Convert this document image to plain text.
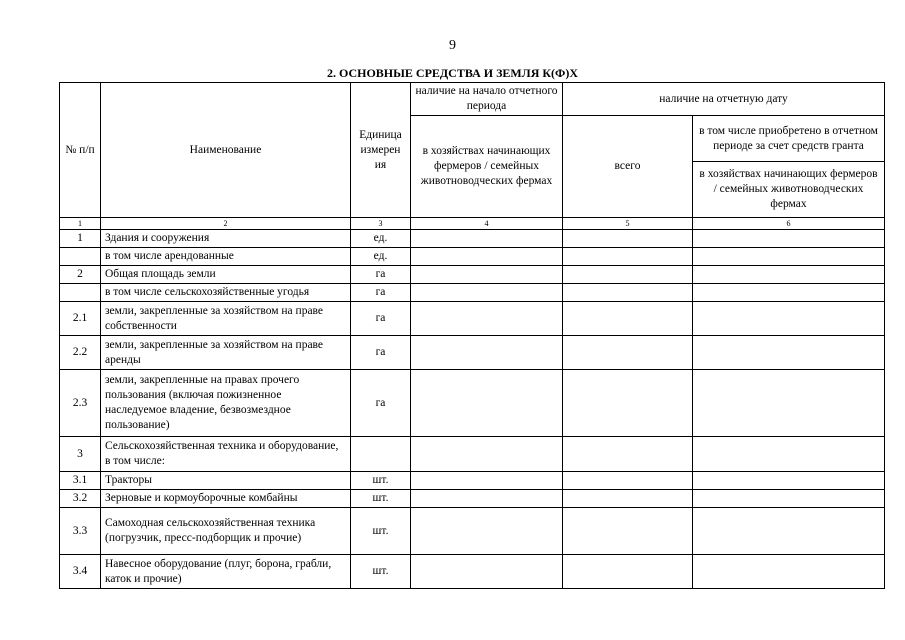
9
2. ОСНОВНЫЕ СРЕДСТВА И ЗЕМЛЯ К(Ф)Х
№ п/п	Наименование	Единица измерен ия	наличие на начало отчетного периода	наличие на отчетную дату	
			в хозяйствах начинающих фермеров / семейных животноводческих фермах	всего	в том числе приобретено в отчетном периоде за счет средств гранта
					в хозяйствах начинающих фермеров / семейных животноводческих фермах
1	2	3	4	5	6
1	Здания и сооружения	ед.			
	в том числе арендованные	ед.			
2	Общая площадь земли	га			
	в том числе сельскохозяйственные угодья	га			
2.1	земли, закрепленные за хозяйством на праве собственности	га			
2.2	земли, закрепленные за хозяйством на праве аренды	га			
2.3	земли, закрепленные на правах прочего пользования (включая пожизненное наследуемое владение, безвозмездное пользование)	га			
3	Сельскохозяйственная техника и оборудование, в том числе:				
3.1	Тракторы	шт.			
3.2	Зерновые и кормоуборочные комбайны	шт.			
3.3	Самоходная сельскохозяйственная техника (погрузчик, пресс-подборщик и прочие)	шт.			
3.4	Навесное оборудование (плуг, борона, грабли, каток и прочие)	шт.			
